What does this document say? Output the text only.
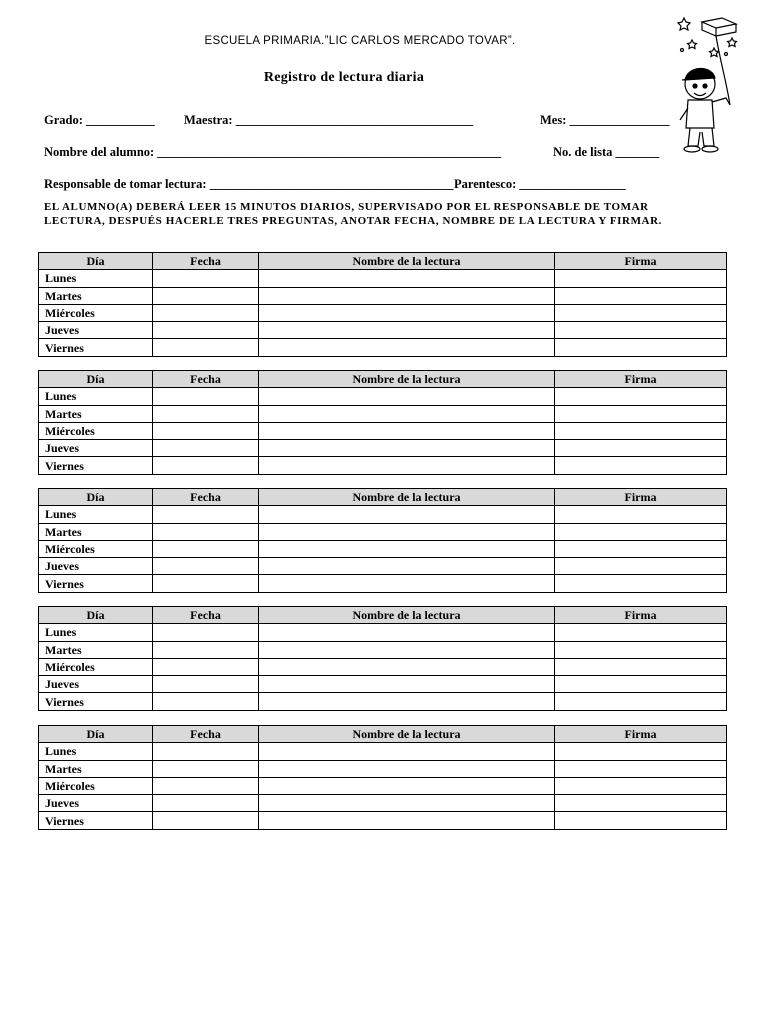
ESCUELA PRIMARIA.”LIC CARLOS MERCADO TOVAR”.
Registro de lectura diaria
Grado: ___________ Maestra: ______________________________________	Mes: ________________
Nombre del alumno: _______________________________________________________	No. de lista _______
Responsable de tomar lectura: _______________________________________ Parentesco: _________________
EL ALUMNO(A) DEBERÁ LEER 15 MINUTOS DIARIOS, SUPERVISADO POR EL RESPONSABLE DE TOMAR LECTURA, DESPUÉS HACERLE TRES PREGUNTAS, ANOTAR FECHA, NOMBRE DE LA LECTURA Y FIRMAR.
Día	Fecha	Nombre de la lectura	Firma
Lunes			
Martes			
Miércoles			
Jueves			
Viernes			
Día	Fecha	Nombre de la lectura	Firma
Lunes			
Martes			
Miércoles			
Jueves			
Viernes			
Día	Fecha	Nombre de la lectura	Firma
Lunes			
Martes			
Miércoles			
Jueves			
Viernes			
Día	Fecha	Nombre de la lectura	Firma
Lunes			
Martes			
Miércoles			
Jueves			
Viernes			
Día	Fecha	Nombre de la lectura	Firma
Lunes			
Martes			
Miércoles			
Jueves			
Viernes			
